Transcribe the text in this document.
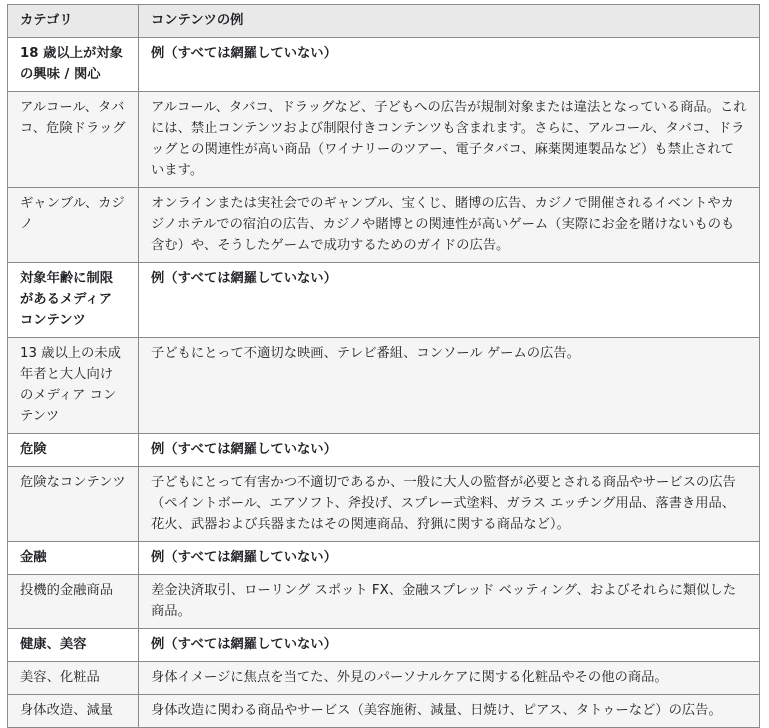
カテゴリ	コンテンツの例
18 歳以上が対象の興味 / 関心	例（すべては網羅していない）
アルコール、タバコ、危険ドラッグ	アルコール、タバコ、ドラッグなど、子どもへの広告が規制対象または違法となっている商品。これには、禁止コンテンツおよび制限付きコンテンツも含まれます。さらに、アルコール、タバコ、ドラッグとの関連性が高い商品（ワイナリーのツアー、電子タバコ、麻薬関連製品など）も禁止されています。
ギャンブル、カジノ	オンラインまたは実社会でのギャンブル、宝くじ、賭博の広告、カジノで開催されるイベントやカジノホテルでの宿泊の広告、カジノや賭博との関連性が高いゲーム（実際にお金を賭けないものも含む）や、そうしたゲームで成功するためのガイドの広告。
対象年齢に制限があるメディア コンテンツ	例（すべては網羅していない）
13 歳以上の未成年者と大人向けのメディア コンテンツ	子どもにとって不適切な映画、テレビ番組、コンソール ゲームの広告。
危険	例（すべては網羅していない）
危険なコンテンツ	子どもにとって有害かつ不適切であるか、一般に大人の監督が必要とされる商品やサービスの広告（ペイントボール、エアソフト、斧投げ、スプレー式塗料、ガラス エッチング用品、落書き用品、花火、武器および兵器またはその関連商品、狩猟に関する商品など）。
金融	例（すべては網羅していない）
投機的金融商品	差金決済取引、ローリング スポット FX、金融スプレッド ベッティング、およびそれらに類似した商品。
健康、美容	例（すべては網羅していない）
美容、化粧品	身体イメージに焦点を当てた、外見のパーソナルケアに関する化粧品やその他の商品。
身体改造、減量	身体改造に関わる商品やサービス（美容施術、減量、日焼け、ピアス、タトゥーなど）の広告。
